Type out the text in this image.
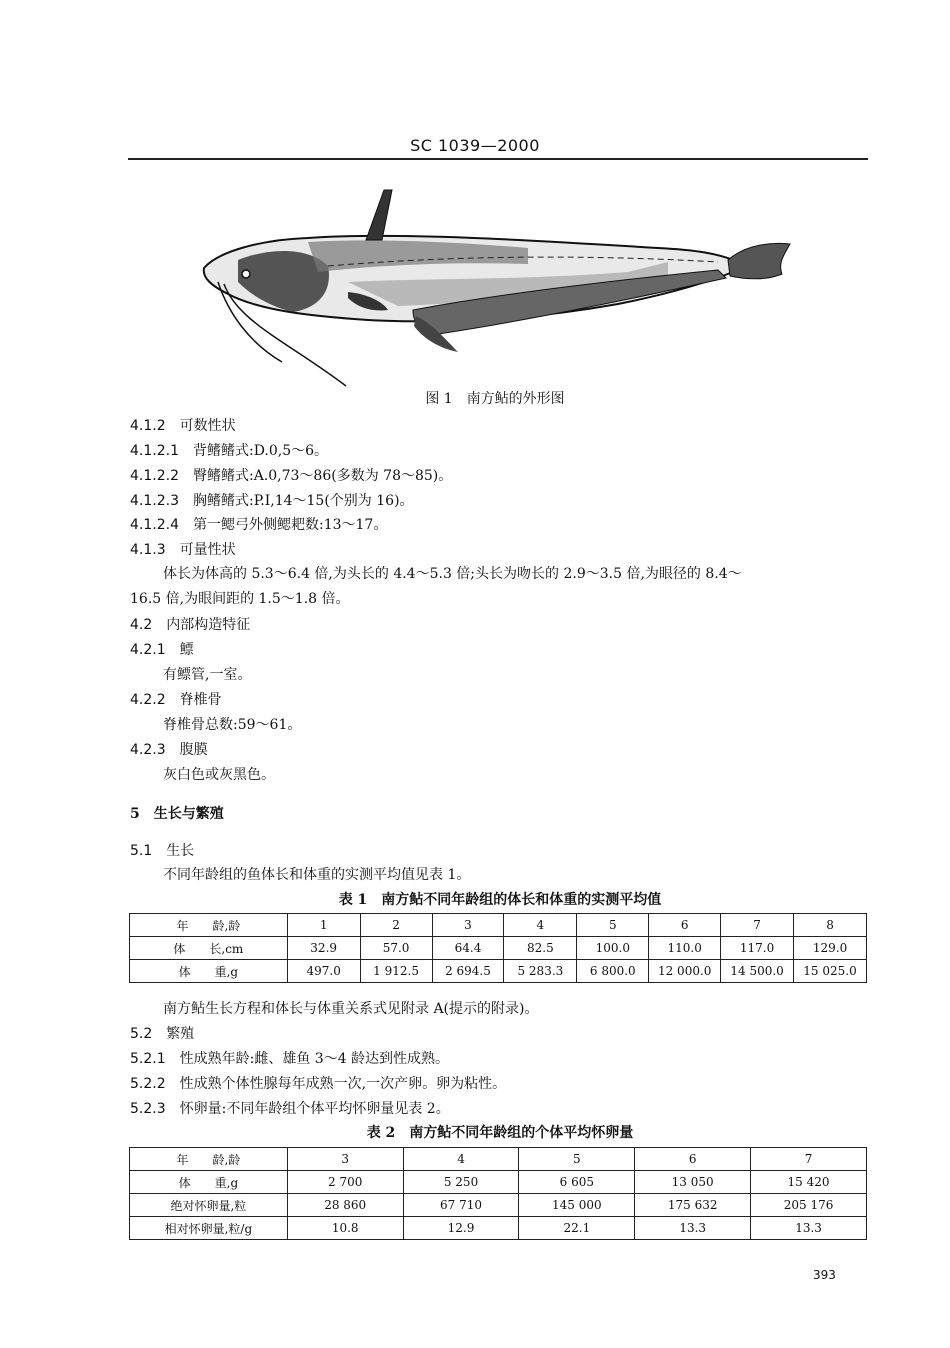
SC 1039—2000
图 1　南方鲇的外形图
4.1.2　 可数性状
4.1.2.1　 背鳍鳍式:D.0,5～6。
4.1.2.2　 臀鳍鳍式:A.0,73～86(多数为 78～85)。
4.1.2.3　 胸鳍鳍式:P.Ⅰ,14～15(个别为 16)。
4.1.2.4　 第一鳃弓外侧鳃耙数:13～17。
4.1.3　 可量性状
体长为体高的 5.3～6.4 倍,为头长的 4.4～5.3 倍;头长为吻长的 2.9～3.5 倍,为眼径的 8.4～
16.5 倍,为眼间距的 1.5～1.8 倍。
4.2　 内部构造特征
4.2.1　 鳔
有鳔管,一室。
4.2.2　 脊椎骨
脊椎骨总数:59～61。
4.2.3　 腹膜
灰白色或灰黑色。
5　生长与繁殖
5.1　 生长
不同年龄组的鱼体长和体重的实测平均值见表 1。
表 1　南方鲇不同年龄组的体长和体重的实测平均值
年　　龄,龄	1	2	3	4	5	6	7	8
体　　长,cm	32.9	57.0	64.4	82.5	100.0	110.0	117.0	129.0
体　　重,g	497.0	1 912.5	2 694.5	5 283.3	6 800.0	12 000.0	14 500.0	15 025.0
南方鲇生长方程和体长与体重关系式见附录 A(提示的附录)。
5.2　 繁殖
5.2.1　 性成熟年龄:雌、雄鱼 3～4 龄达到性成熟。
5.2.2　 性成熟个体性腺每年成熟一次,一次产卵。卵为粘性。
5.2.3　 怀卵量:不同年龄组个体平均怀卵量见表 2。
表 2　南方鲇不同年龄组的个体平均怀卵量
年　　龄,龄	3	4	5	6	7
体　　重,g	2 700	5 250	6 605	13 050	15 420
绝对怀卵量,粒	28 860	67 710	145 000	175 632	205 176
相对怀卵量,粒/g	10.8	12.9	22.1	13.3	13.3
393
